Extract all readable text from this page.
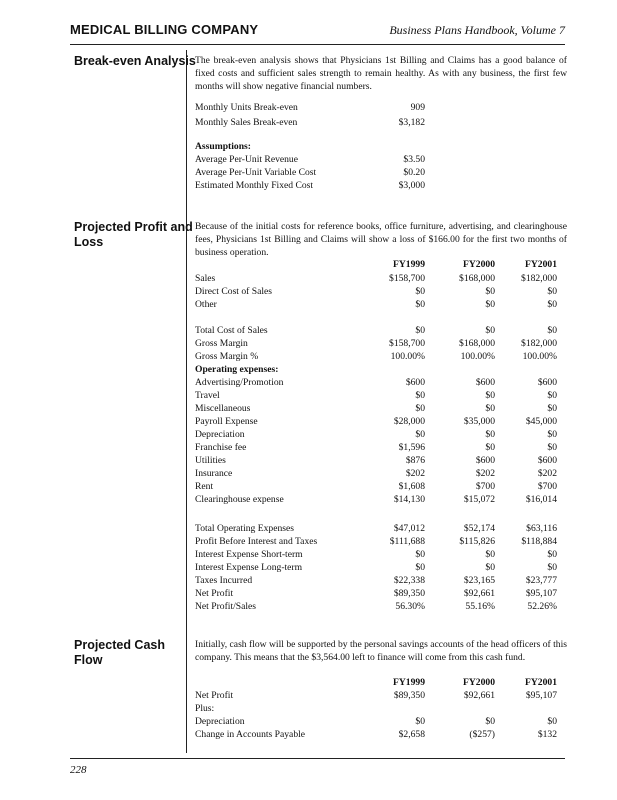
MEDICAL BILLING COMPANY	Business Plans Handbook, Volume 7
Break-even Analysis The break-even analysis shows that Physicians 1st Billing and Claims has a good balance of fixed costs and sufficient sales strength to remain healthy. As with any business, the first few months will show negative financial numbers.
Monthly Units Break-even	909
Monthly Sales Break-even	$3,182
Assumptions:
Average Per-Unit Revenue	$3.50
Average Per-Unit Variable Cost	$0.20
Estimated Monthly Fixed Cost	$3,000
Projected Profit and
Loss
Because of the initial costs for reference books, office furniture, advertising, and clearinghouse fees, Physicians 1st Billing and Claims will show a loss of $166.00 for the first two months of business operation.
FY1999	FY2000	FY2001
Sales	$158,700	$168,000	$182,000
Direct Cost of Sales	$0	$0	$0
Other	$0	$0	$0
Total Cost of Sales	$0	$0	$0
Gross Margin	$158,700	$168,000	$182,000
Gross Margin %	100.00%	100.00%	100.00%
Operating expenses:
Advertising/Promotion	$600	$600	$600
Travel	$0	$0	$0
Miscellaneous	$0	$0	$0
Payroll Expense	$28,000	$35,000	$45,000
Depreciation	$0	$0	$0
Franchise fee	$1,596	$0	$0
Utilities	$876	$600	$600
Insurance	$202	$202	$202
Rent	$1,608	$700	$700
Clearinghouse expense	$14,130	$15,072	$16,014
Total Operating Expenses	$47,012	$52,174	$63,116
Profit Before Interest and Taxes	$111,688	$115,826	$118,884
Interest Expense Short-term	$0	$0	$0
Interest Expense Long-term	$0	$0	$0
Taxes Incurred	$22,338	$23,165	$23,777
Net Profit	$89,350	$92,661	$95,107
Net Profit/Sales	56.30%	55.16%	52.26%
Projected Cash
Flow
Initially, cash flow will be supported by the personal savings accounts of the head officers of this company. This means that the $3,564.00 left to finance will come from this cash fund.
FY1999	FY2000	FY2001
Net Profit	$89,350	$92,661	$95,107
Plus:
Depreciation	$0	$0	$0
Change in Accounts Payable	$2,658	($257)	$132
228
